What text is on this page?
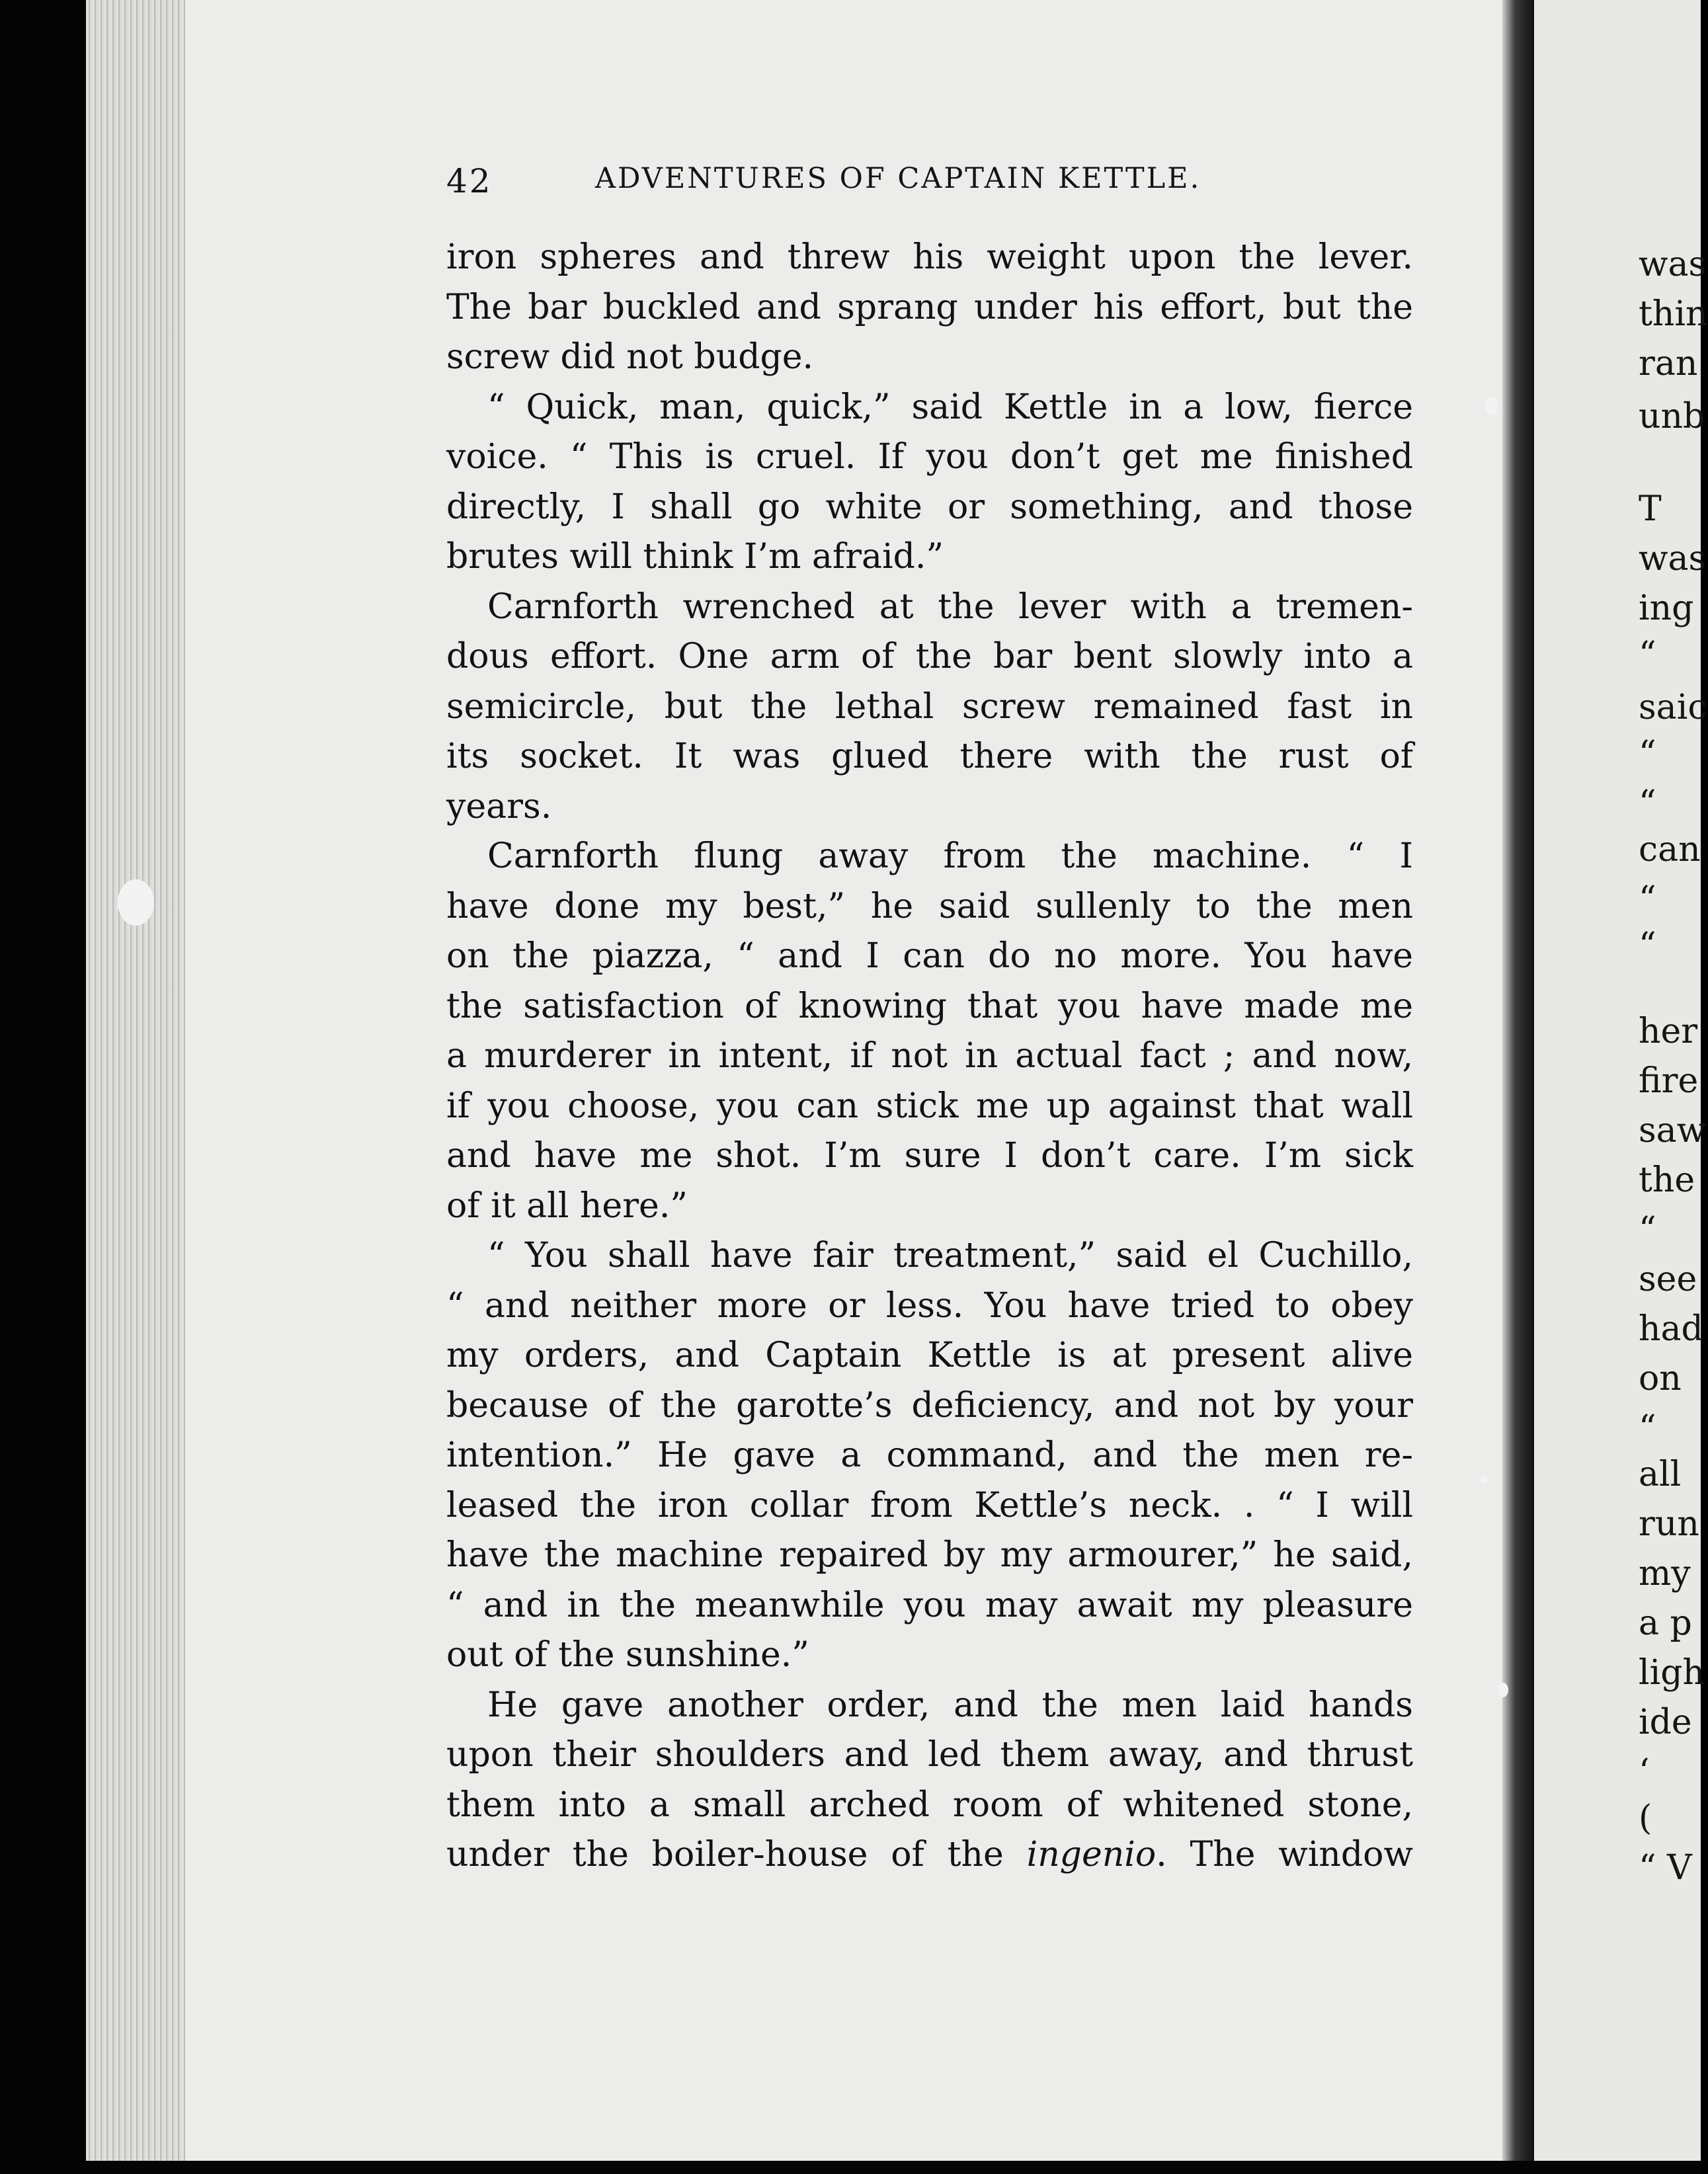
42	ADVENTURES OF CAPTAIN KETTLE.
iron spheres and threw his weight upon the lever.
The bar buckled and sprang under his effort, but the
screw did not budge.
“ Quick, man, quick,” said Kettle in a low, fierce
voice. “ This is cruel. If you don’t get me finished
directly, I shall go white or something, and those
brutes will think I’m afraid.”
Carnforth wrenched at the lever with a tremen-
dous effort. One arm of the bar bent slowly into a
semicircle, but the lethal screw remained fast in
its socket. It was glued there with the rust of
years.
Carnforth flung away from the machine. “ I
have done my best,” he said sullenly to the men
on the piazza, “ and I can do no more. You have
the satisfaction of knowing that you have made me
a murderer in intent, if not in actual fact ; and now,
if you choose, you can stick me up against that wall
and have me shot. I’m sure I don’t care. I’m sick
of it all here.”
“ You shall have fair treatment,” said el Cuchillo,
“ and neither more or less. You have tried to obey
my orders, and Captain Kettle is at present alive
because of the garotte’s deficiency, and not by your
intention.” He gave a command, and the men re-
leased the iron collar from Kettle’s neck. . “ I will
have the machine repaired by my armourer,” he said,
“ and in the meanwhile you may await my pleasure
out of the sunshine.”
He gave another order, and the men laid hands
upon their shoulders and led them away, and thrust
them into a small arched room of whitened stone,
under the boiler-house of the ingenio. The window
was
thin
ran
unb
T
was
ing
“
saic
“
“
can
“
“
her
fire
saw
the
“
see
had
on
“
all
run
my
a p
ligh
ide
‘
(
“ V
